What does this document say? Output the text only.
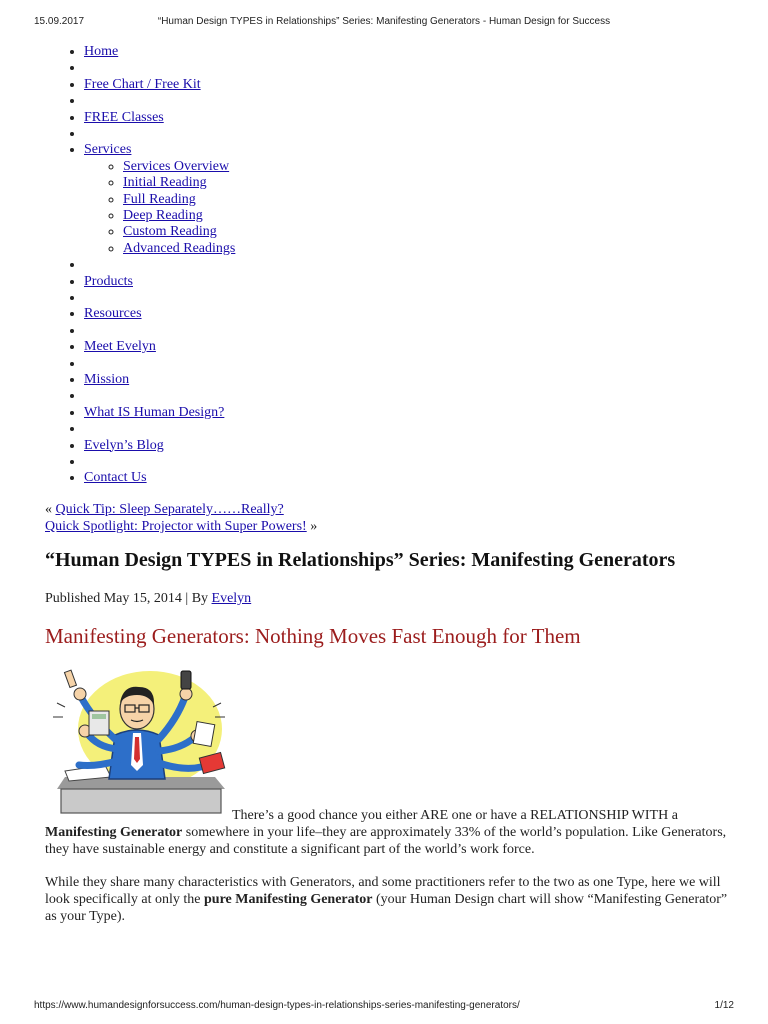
15.09.2017	“Human Design TYPES in Relationships” Series: Manifesting Generators - Human Design for Success
• Home
•
• Free Chart / Free Kit
•
• FREE Classes
•
• Services
◦ Services Overview
◦ Initial Reading
◦ Full Reading
◦ Deep Reading
◦ Custom Reading
◦ Advanced Readings
•
• Products
•
• Resources
•
• Meet Evelyn
•
• Mission
•
• What IS Human Design?
•
• Evelyn’s Blog
•
• Contact Us
« Quick Tip: Sleep Separately……Really?
Quick Spotlight: Projector with Super Powers! »
“Human Design TYPES in Relationships” Series: Manifesting Generators
Published May 15, 2014 | By Evelyn
Manifesting Generators: Nothing Moves Fast Enough for Them

There’s a good chance you either ARE one or have a RELATIONSHIP WITH a Manifesting Generator somewhere in your life–they are approximately 33% of the world’s population. Like Generators, they have sustainable energy and constitute a significant part of the world’s work force.

While they share many characteristics with Generators, and some practitioners refer to the two as one Type, here we will look specifically at only the pure Manifesting Generator (your Human Design chart will show “Manifesting Generator” as your Type).

https://www.humandesignforsuccess.com/human-design-types-in-relationships-series-manifesting-generators/	1/12
